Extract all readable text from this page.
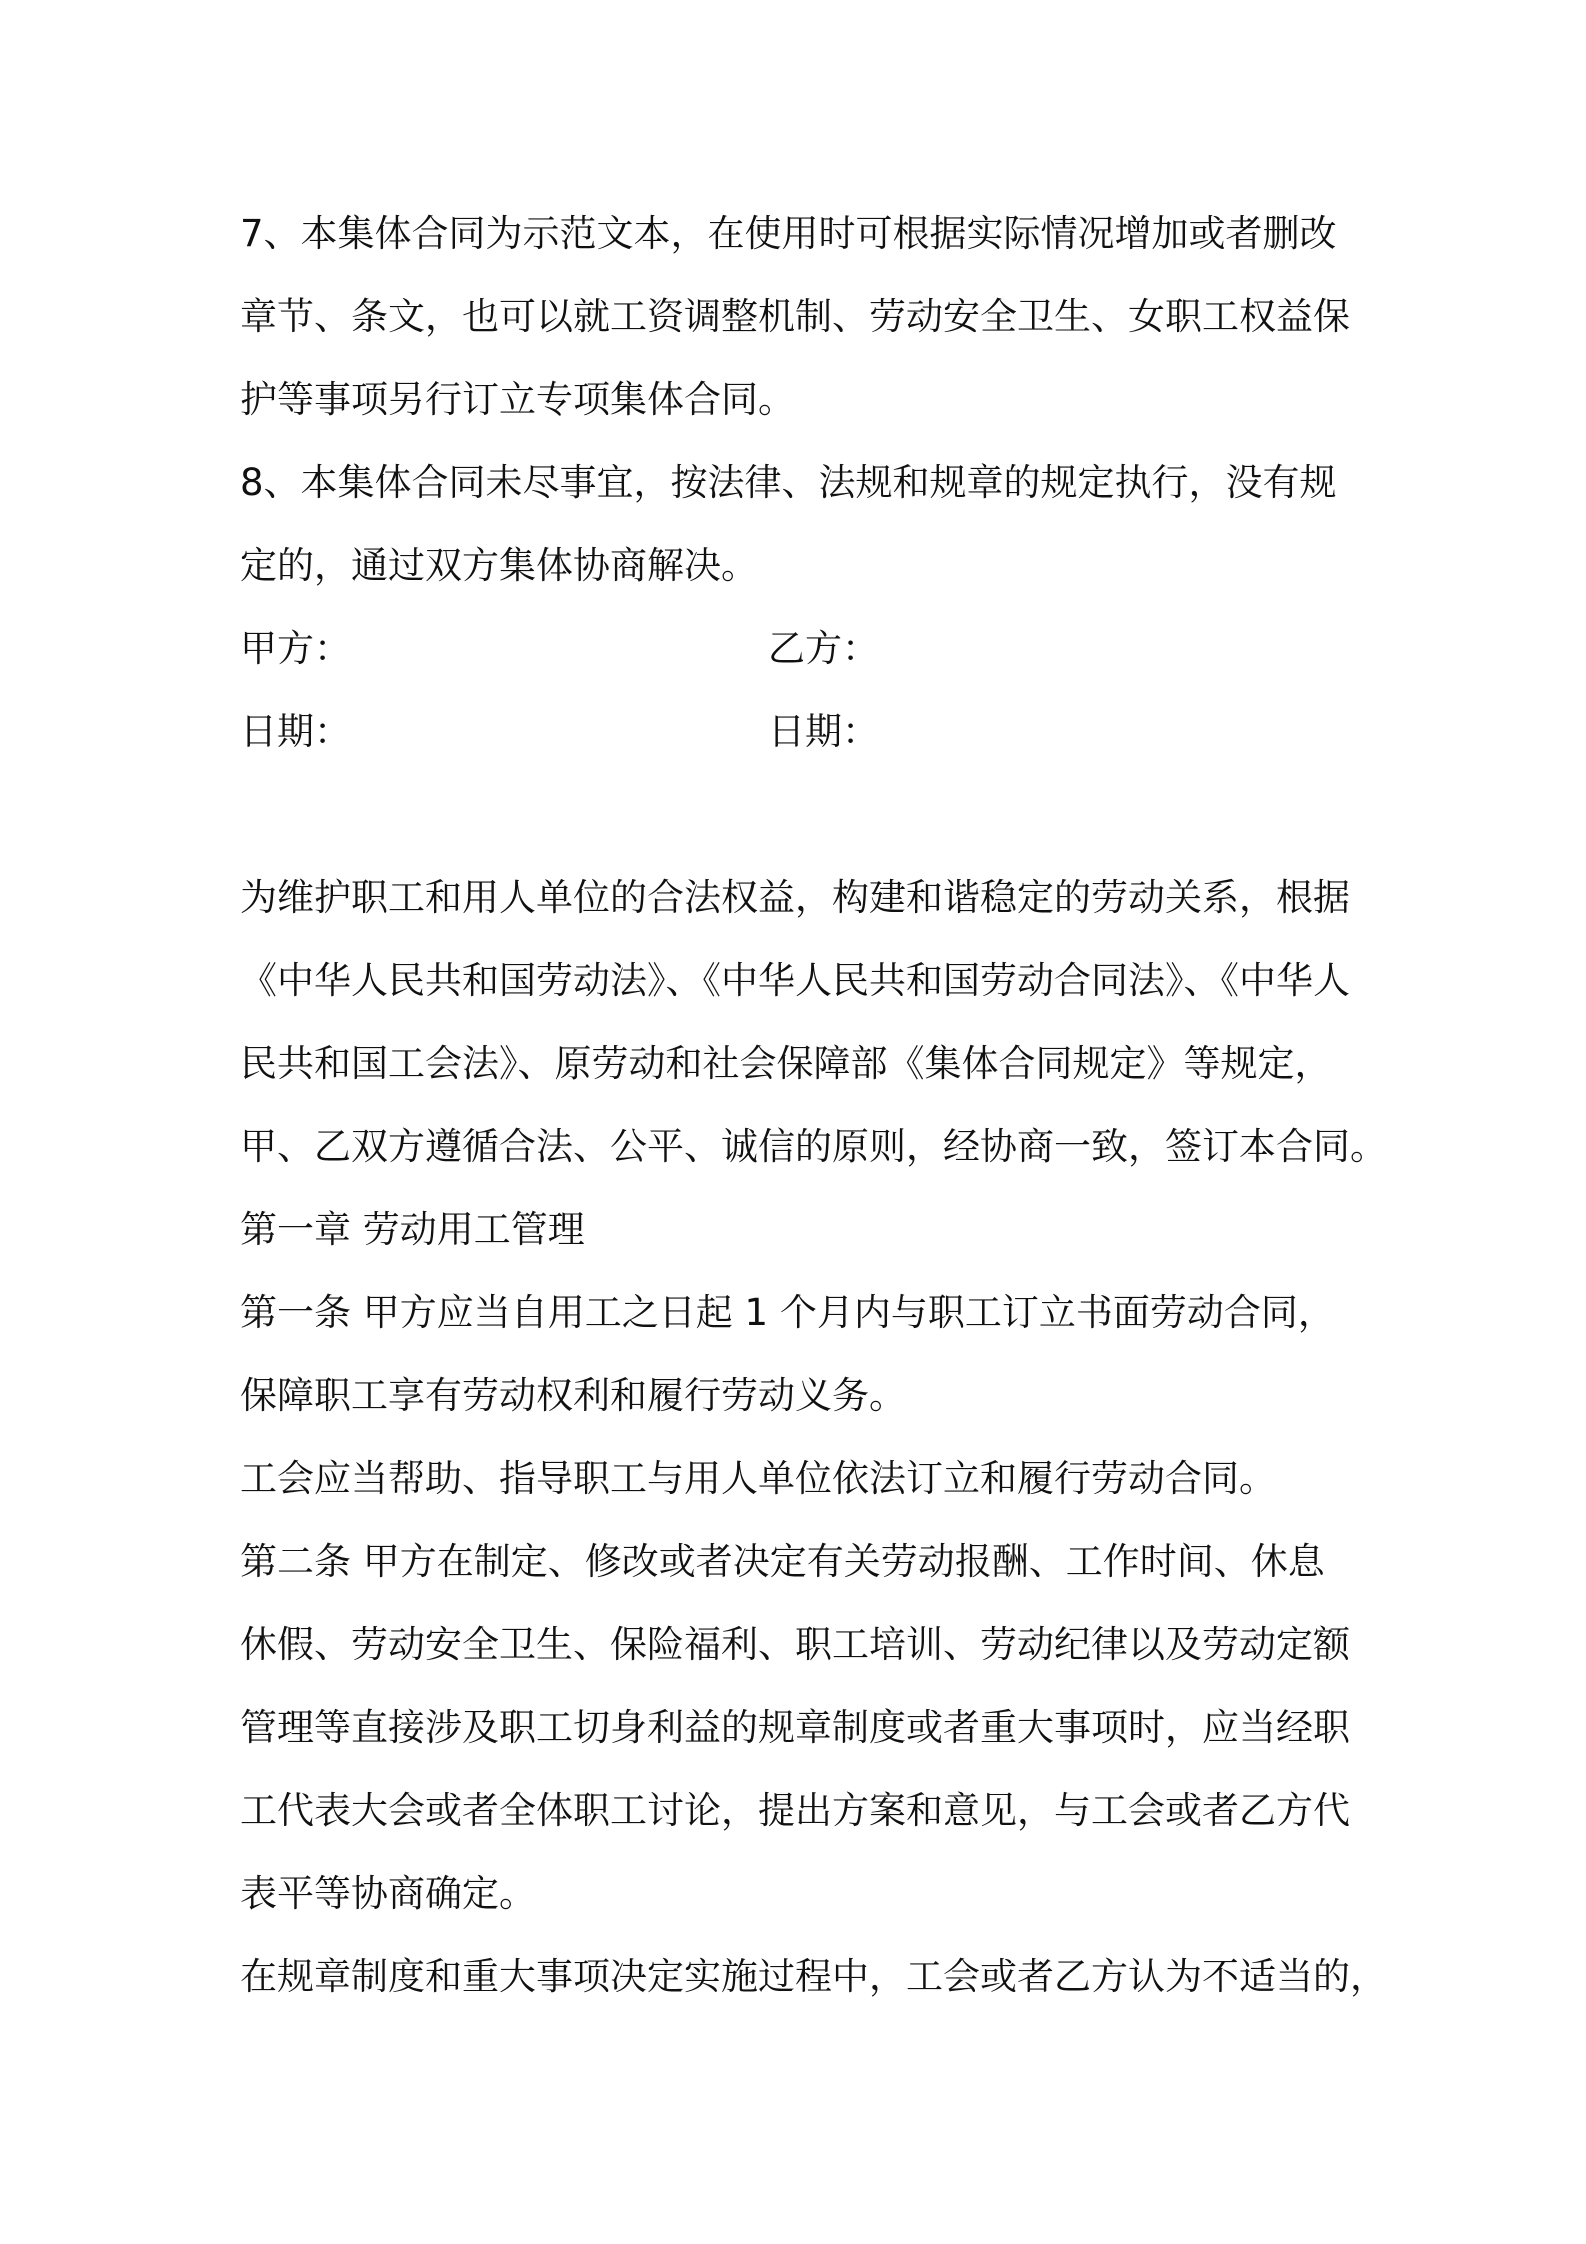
7、本集体合同为示范文本，在使用时可根据实际情况增加或者删改
章节、条文，也可以就工资调整机制、劳动安全卫生、女职工权益保
护等事项另行订立专项集体合同。
8、本集体合同未尽事宜，按法律、法规和规章的规定执行，没有规
定的，通过双方集体协商解决。
甲方：	乙方：
日期：	日期：
为维护职工和用人单位的合法权益，构建和谐稳定的劳动关系，根据
《中华人民共和国劳动法》、《中华人民共和国劳动合同法》、《中华人
民共和国工会法》、原劳动和社会保障部《集体合同规定》等规定，
甲、乙双方遵循合法、公平、诚信的原则，经协商一致，签订本合同。
第一章 劳动用工管理
第一条 甲方应当自用工之日起 1 个月内与职工订立书面劳动合同，
保障职工享有劳动权利和履行劳动义务。
工会应当帮助、指导职工与用人单位依法订立和履行劳动合同。
第二条 甲方在制定、修改或者决定有关劳动报酬、工作时间、休息
休假、劳动安全卫生、保险福利、职工培训、劳动纪律以及劳动定额
管理等直接涉及职工切身利益的规章制度或者重大事项时，应当经职
工代表大会或者全体职工讨论，提出方案和意见，与工会或者乙方代
表平等协商确定。
在规章制度和重大事项决定实施过程中，工会或者乙方认为不适当的，
